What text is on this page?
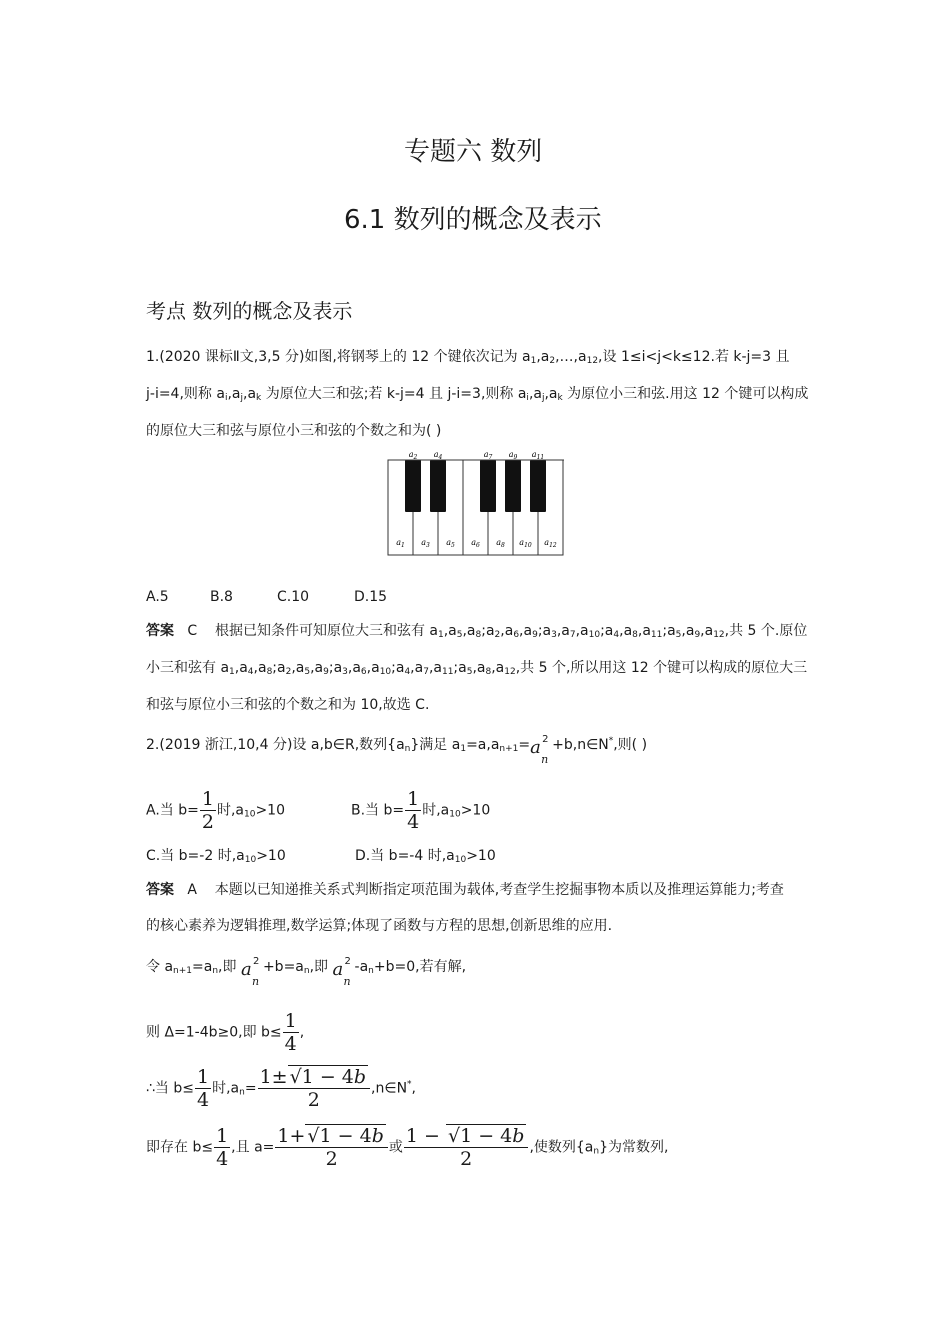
专题六 数列
6.1 数列的概念及表示
考点 数列的概念及表示
1.(2020 课标Ⅱ文,3,5 分)如图,将钢琴上的 12 个键依次记为 $a_1,a_2,\dots,a_{12}$,设 1≤i<j<k≤12.若 k-j=3 且
j-i=4,则称 $a_i,a_j,a_k$ 为原位大三和弦;若 k-j=4 且 j-i=3,则称 $a_i,a_j,a_k$ 为原位小三和弦.用这 12 个键可以构成
的原位大三和弦与原位小三和弦的个数之和为( )
$a_1$ $a_3$ $a_5$ $a_6$ $a_8$ $a_{10}$ $a_{12}$
$a_2$ $a_4$	$a_7$ $a_9$ $a_{11}$
A.5	B.8	C.10	D.15
答案 C    根据已知条件可知原位大三和弦有 $a_1,a_5,a_8;a_2,a_6,a_9;a_3,a_7,a_{10};a_4,a_8,a_{11};a_5,a_9,a_{12}$,共 5 个.原位
小三和弦有 $a_1,a_4,a_8;a_2,a_5,a_9;a_3,a_6,a_{10};a_4,a_7,a_{11};a_5,a_8,a_{12}$,共 5 个,所以用这 12 个键可以构成的原位大三
和弦与原位小三和弦的个数之和为 10,故选 C.
2.(2019 浙江,10,4 分)设 a,b∈R,数列$\{a_n\}$满足 $a_1=a,a_{n+1}= 2$
a
n
+b,n∈N*,则( )
A.当 $b= \frac{1}{2}$ 时$,a_{10}>10$	B.当 $b= \frac{1}{4}$ 时$,a_{10}>10$
C.当 b=-2 时$,a_{10}>10$	D.当 b=-4 时$,a_{10}>10$
答案 A 本题以已知递推关系式判断指定项范围为载体,考查学生挖掘事物本质以及推理运算能力;考查
的核心素养为逻辑推理,数学运算;体现了函数与方程的思想,创新思维的应用.
令 $a_{n+1}=a_n$,即 2
a
n
$+b=a_n$,即 2
a
n
$-a_n+b=0$,若有解,
则 Δ=1-4b≥0,即 $b\le \frac{1}{4}$ ,
∴当 $b\le \frac{1}{4}$ 时$,a_n= \frac{1\pm √1 - 4b}{2}$ ,n∈N*,
即存在 $b\le \frac{1}{4}$ ,且 $a= \frac{1+ √1 - 4b}{2}$ 或 $\frac{1 - √1 - 4b}{2}$ ,使数列$\{a_n\}$为常数列,
